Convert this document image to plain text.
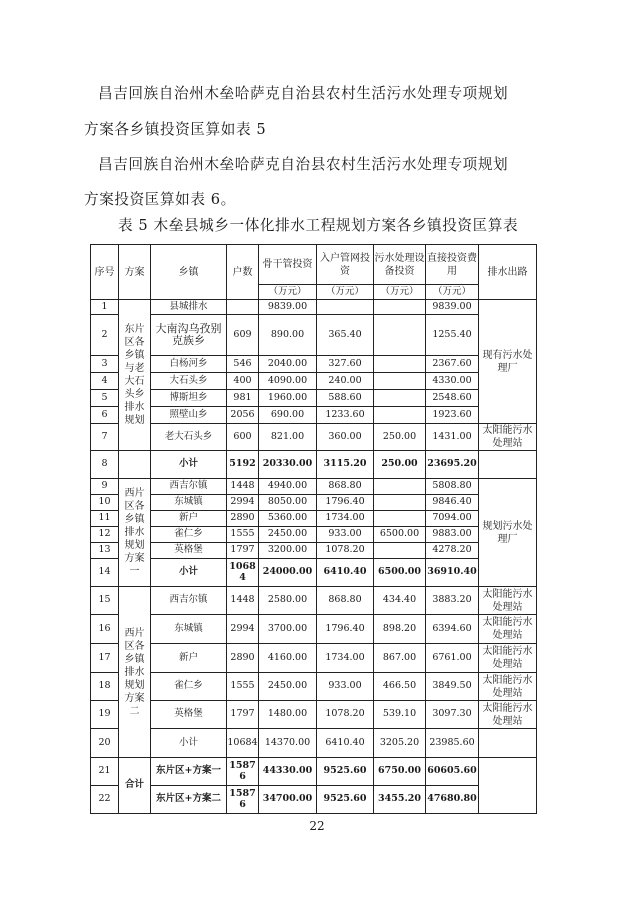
昌吉回族自治州木垒哈萨克自治县农村生活污水处理专项规划
方案各乡镇投资匡算如表 5
昌吉回族自治州木垒哈萨克自治县农村生活污水处理专项规划
方案投资匡算如表 6。
表 5 木垒县城乡一体化排水工程规划方案各乡镇投资匡算表
序号	方案	乡镇	户数	骨干管投资	入户管网投资	污水处理设备投资	直接投资费用	排水出路
				（万元）	（万元）	（万元）	（万元）	
1	东片区各乡镇与老大石头乡排水规划	县城排水		9839.00			9839.00	现有污水处理厂
2		大南沟乌孜别克族乡	609	890.00	365.40		1255.40	
3		白杨河乡	546	2040.00	327.60		2367.60	
4		大石头乡	400	4090.00	240.00		4330.00	
5		博斯坦乡	981	1960.00	588.60		2548.60	
6		照壁山乡	2056	690.00	1233.60		1923.60	
7		老大石头乡	600	821.00	360.00	250.00	1431.00	太阳能污水处理站
8		小计	5192	20330.00	3115.20	250.00	23695.20	
9	西片区各乡镇排水规划方案一	西吉尔镇	1448	4940.00	868.80		5808.80	规划污水处理厂
10		东城镇	2994	8050.00	1796.40		9846.40	
11		新户	2890	5360.00	1734.00		7094.00	
12		雀仁乡	1555	2450.00	933.00	6500.00	9883.00	
13		英格堡	1797	3200.00	1078.20		4278.20	
14		小计	10684	24000.00	6410.40	6500.00	36910.40	
15	西片区各乡镇排水规划方案二	西吉尔镇	1448	2580.00	868.80	434.40	3883.20	太阳能污水处理站
16		东城镇	2994	3700.00	1796.40	898.20	6394.60	太阳能污水处理站
17		新户	2890	4160.00	1734.00	867.00	6761.00	太阳能污水处理站
18		雀仁乡	1555	2450.00	933.00	466.50	3849.50	太阳能污水处理站
19		英格堡	1797	1480.00	1078.20	539.10	3097.30	太阳能污水处理站
20		小计	10684	14370.00	6410.40	3205.20	23985.60	
21	合计	东片区+方案一	15876	44330.00	9525.60	6750.00	60605.60	
22		东片区+方案二	15876	34700.00	9525.60	3455.20	47680.80	
22
